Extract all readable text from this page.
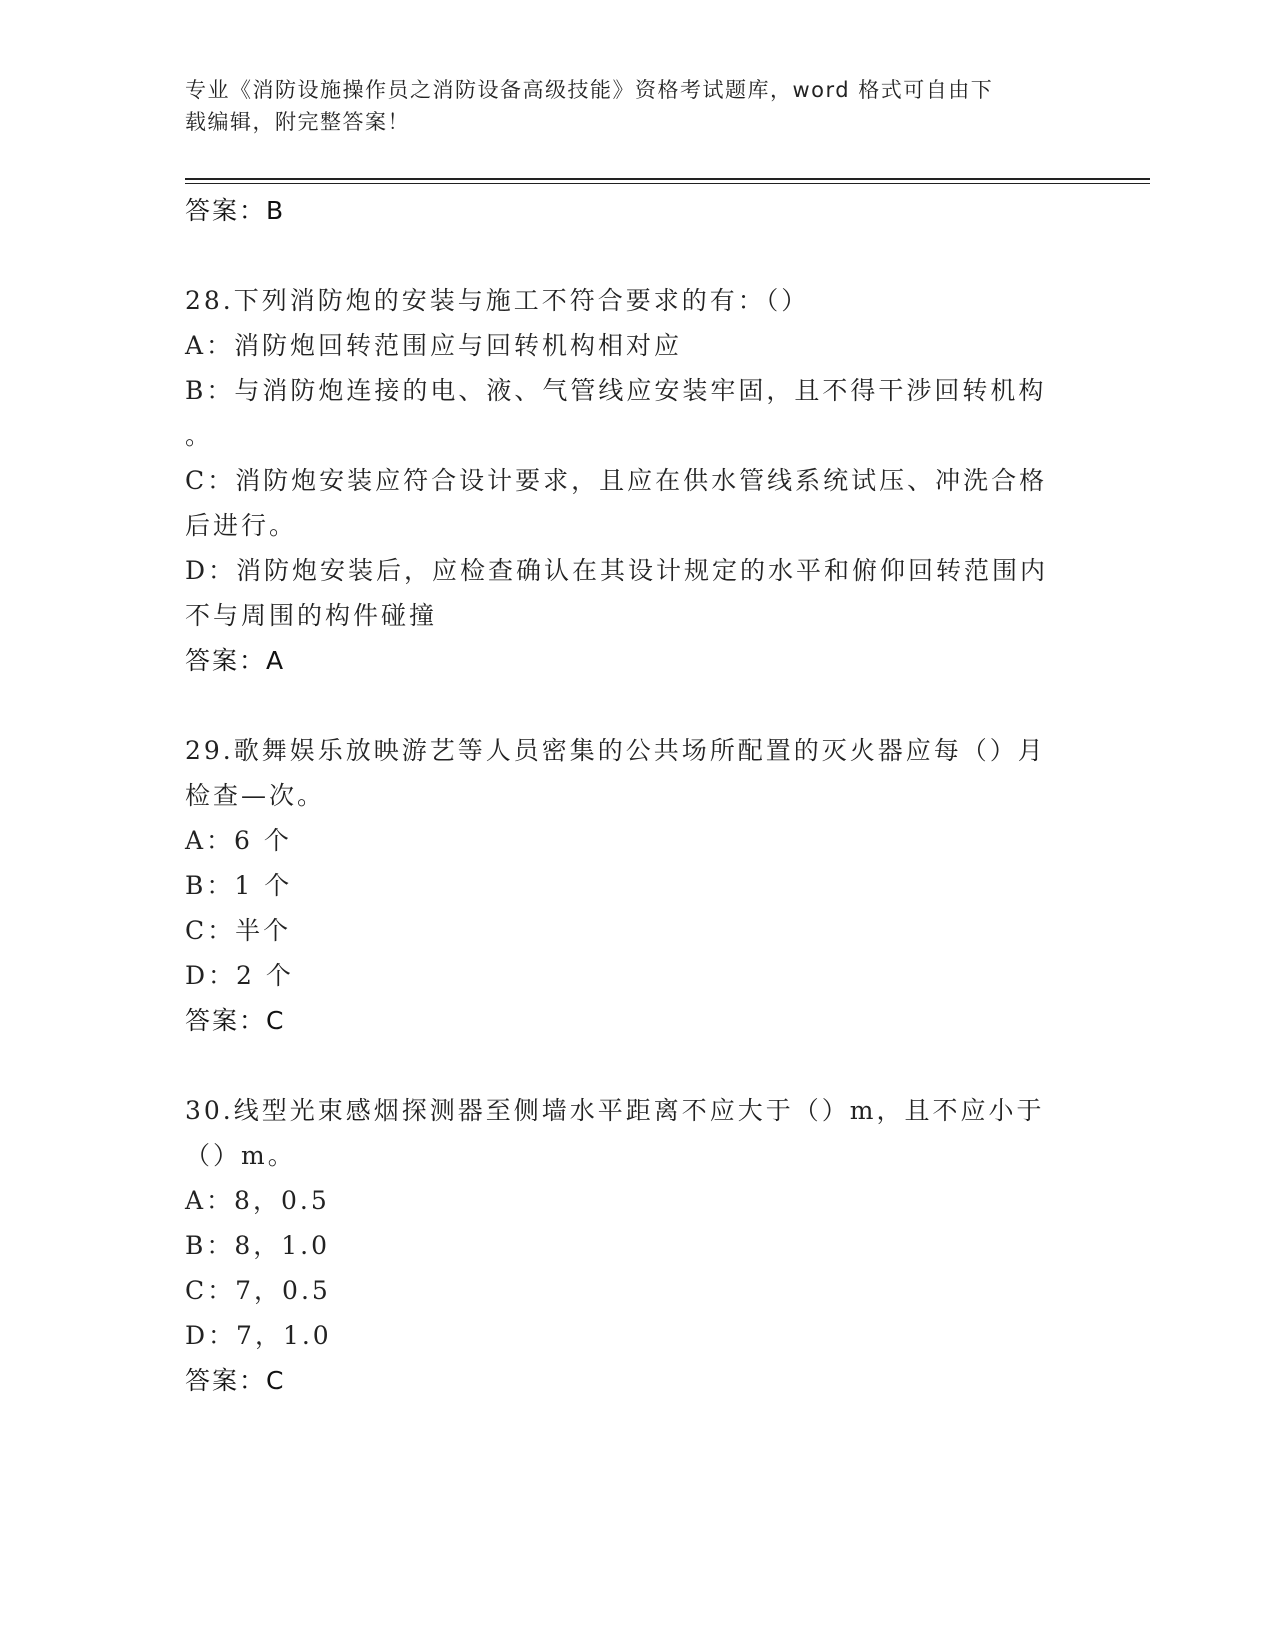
专业《消防设施操作员之消防设备高级技能》资格考试题库，word 格式可自由下
载编辑，附完整答案！
答案：B
28.下列消防炮的安装与施工不符合要求的有：（）
A：消防炮回转范围应与回转机构相对应
B：与消防炮连接的电、液、气管线应安装牢固，且不得干涉回转机构
。
C：消防炮安装应符合设计要求，且应在供水管线系统试压、冲洗合格
后进行。
D：消防炮安装后，应检查确认在其设计规定的水平和俯仰回转范围内
不与周围的构件碰撞
答案：A
29.歌舞娱乐放映游艺等人员密集的公共场所配置的灭火器应每（）月
检查—次。
A：6 个
B：1 个
C：半个
D：2 个
答案：C
30.线型光束感烟探测器至侧墙水平距离不应大于（）m，且不应小于
（）m。
A：8，0.5
B：8，1.0
C：7，0.5
D：7，1.0
答案：C
